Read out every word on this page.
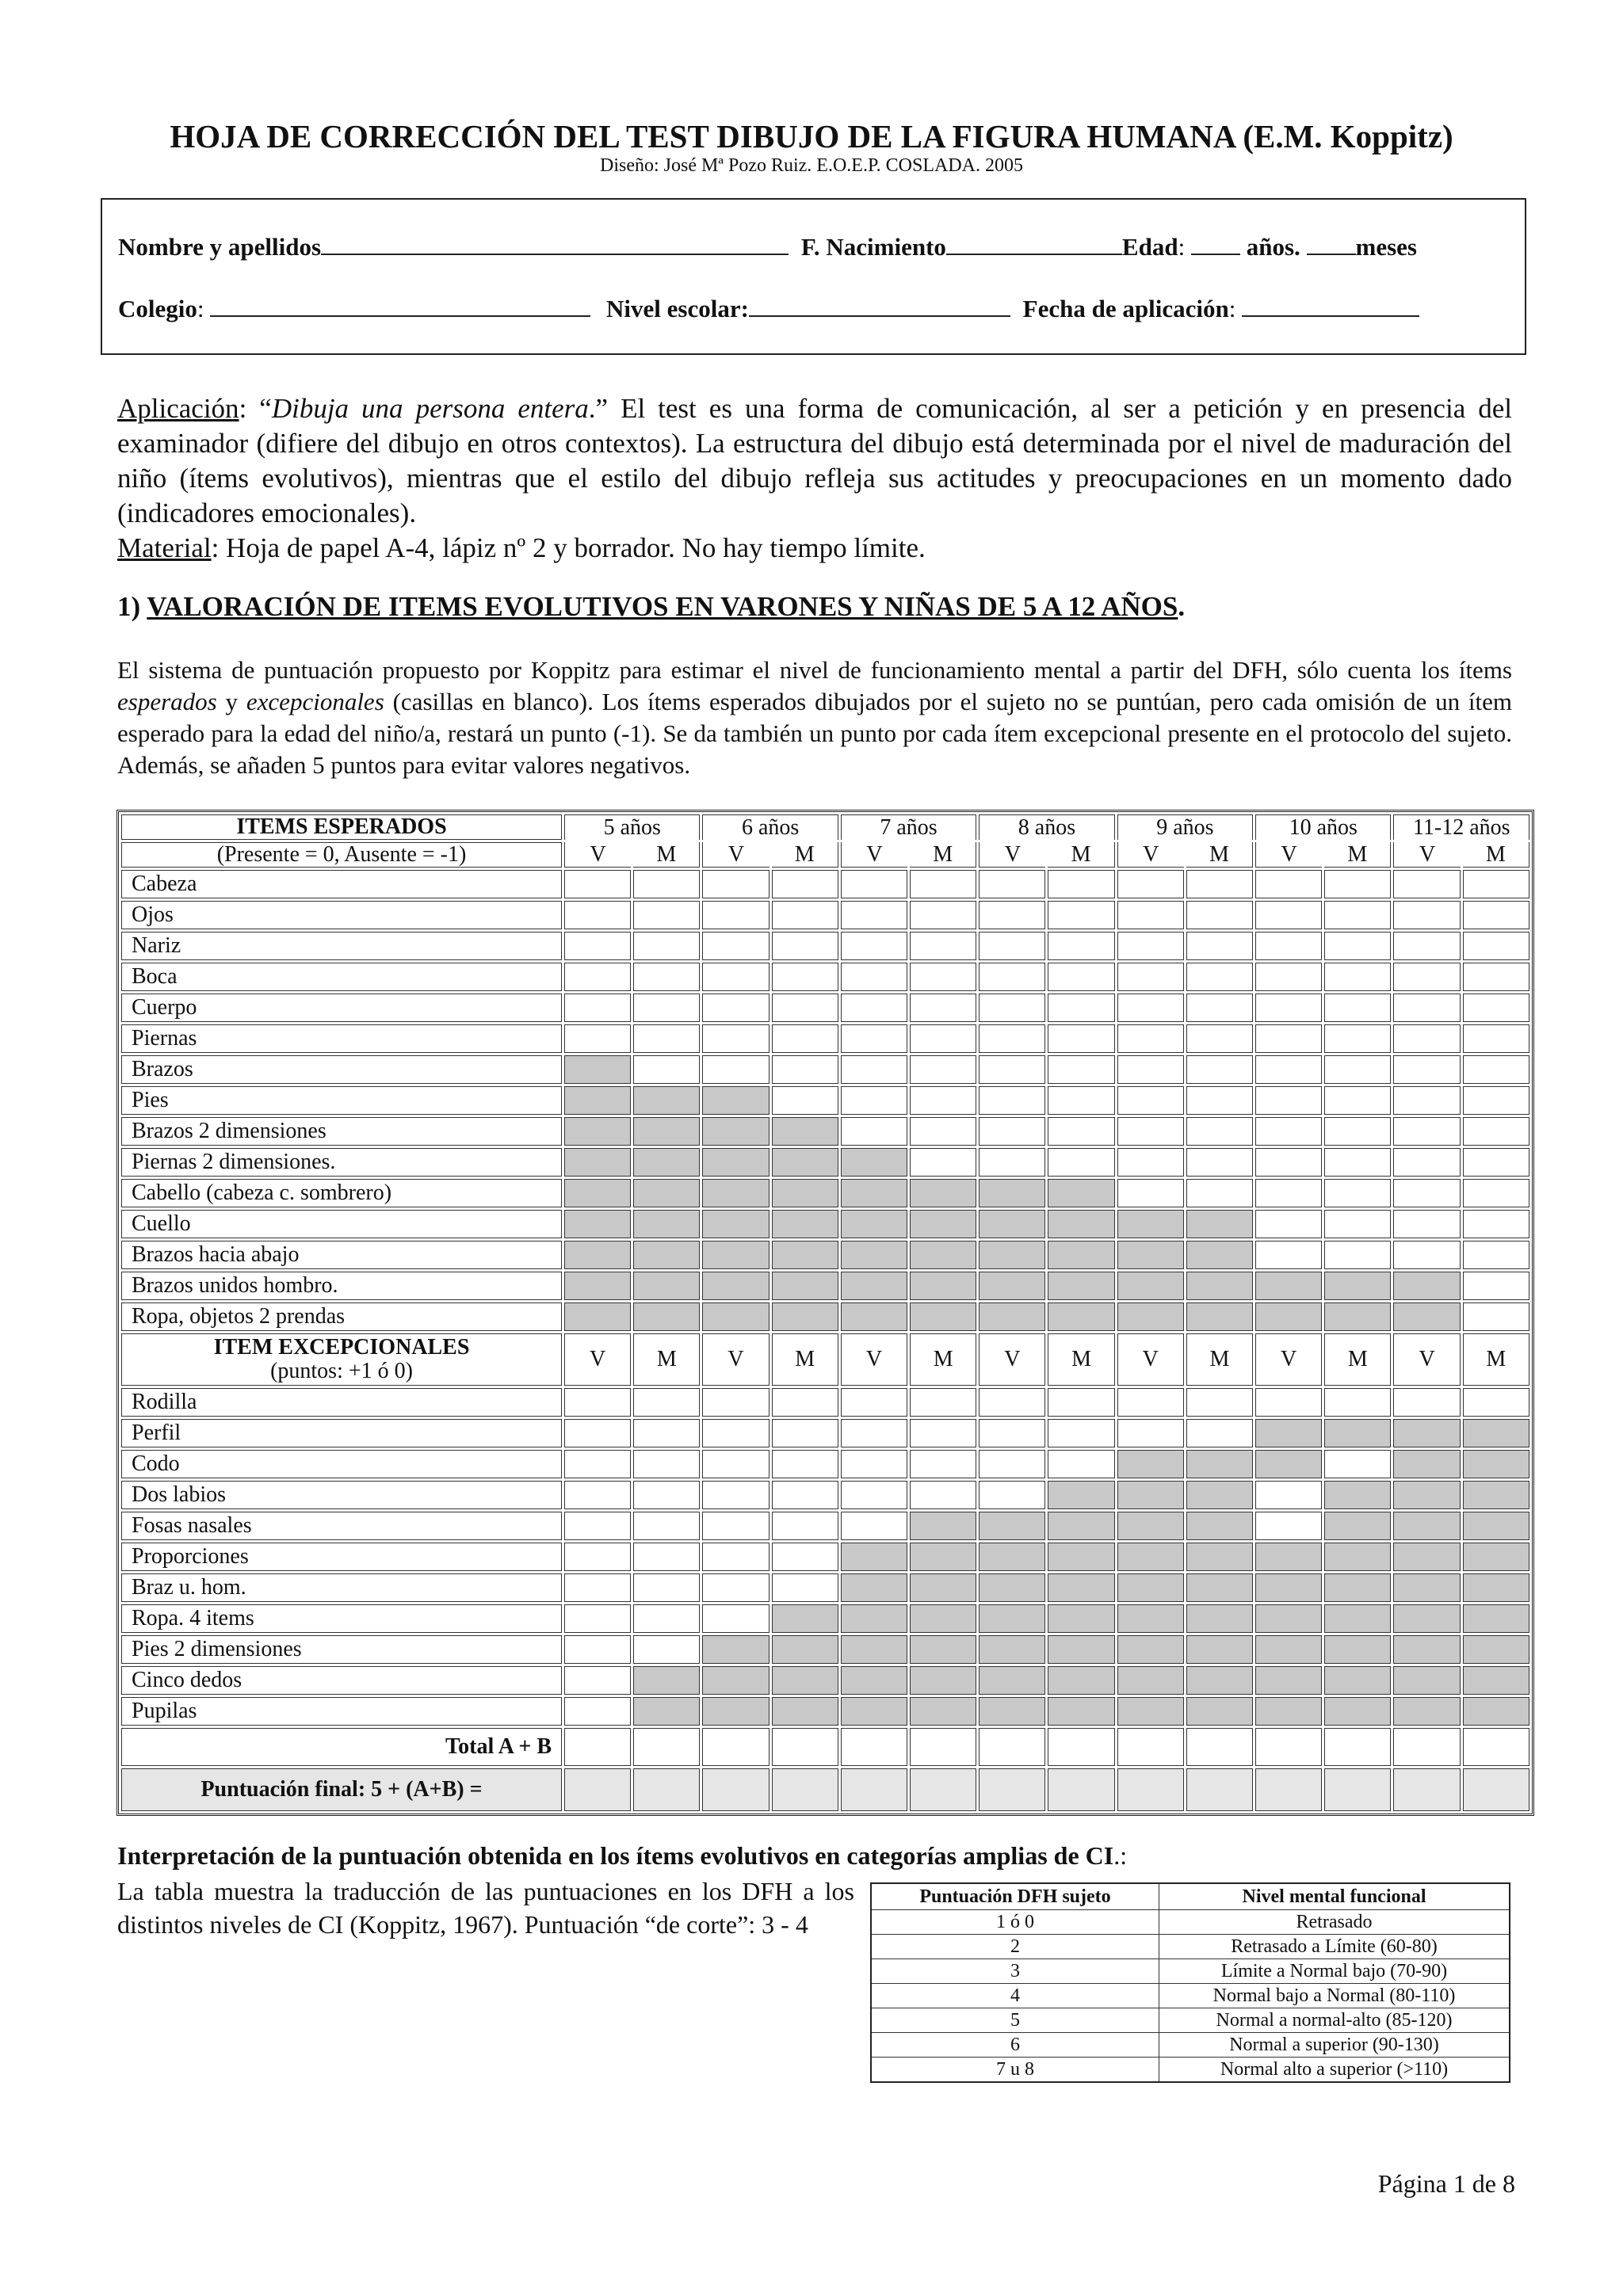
HOJA DE CORRECCIÓN DEL TEST DIBUJO DE LA FIGURA HUMANA (E.M. Koppitz)
Diseño: José Mª Pozo Ruiz. E.O.E.P. COSLADA. 2005
Nombre y apellidos	F. Nacimiento	Edad:	años. meses
Colegio:	Nivel escolar:	Fecha de aplicación:
Aplicación: “Dibuja una persona entera.” El test es una forma de comunicación, al ser a petición y en presencia del examinador (difiere del dibujo en otros contextos). La estructura del dibujo está determinada por el nivel de maduración del niño (ítems evolutivos), mientras que el estilo del dibujo refleja sus actitudes y preocupaciones en un momento dado (indicadores emocionales).
Material: Hoja de papel A-4, lápiz nº 2 y borrador. No hay tiempo límite.
1) VALORACIÓN DE ITEMS EVOLUTIVOS EN VARONES Y NIÑAS DE 5 A 12 AÑOS.
El sistema de puntuación propuesto por Koppitz para estimar el nivel de funcionamiento mental a partir del DFH, sólo cuenta los ítems esperados y excepcionales (casillas en blanco). Los ítems esperados dibujados por el sujeto no se puntúan, pero cada omisión de un ítem esperado para la edad del niño/a, restará un punto (-1). Se da también un punto por cada ítem excepcional presente en el protocolo del sujeto. Además, se añaden 5 puntos para evitar valores negativos.
ITEMS ESPERADOS	5 años		6 años		7 años		8 años		9 años		10 años		11-12 años	
(Presente = 0, Ausente = -1)	V	M	V	M	V	M	V	M	V	M	V	M	V	M
Cabeza														
Ojos														
Nariz														
Boca														
Cuerpo														
Piernas														
Brazos														
Pies														
Brazos 2 dimensiones														
Piernas 2 dimensiones.														
Cabello (cabeza c. sombrero)														
Cuello														
Brazos hacia abajo														
Brazos unidos hombro.														
Ropa, objetos 2 prendas														

ITEM EXCEPCIONALES
(puntos: +1 ó 0)	V	M	V	M	V	M	V	M	V	M	V	M	V	M
Rodilla														
Perfil														
Codo														
Dos labios														
Fosas nasales														
Proporciones														
Braz u. hom.														
Ropa. 4 items														
Pies 2 dimensiones														
Cinco dedos														
Pupilas														
Total A + B														
Puntuación final: 5 + (A+B) =														
Interpretación de la puntuación obtenida en los ítems evolutivos en categorías amplias de CI.:
La tabla muestra la traducción de las puntuaciones en los DFH a los distintos niveles de CI (Koppitz, 1967). Puntuación “de corte”: 3 - 4
Puntuación DFH sujeto	Nivel mental funcional
1 ó 0	Retrasado
2	Retrasado a Límite (60-80)
3	Límite a Normal bajo (70-90)
4	Normal bajo a Normal (80-110)
5	Normal a normal-alto (85-120)
6	Normal a superior (90-130)
7 u 8	Normal alto a superior (>110)
Página 1 de 8
